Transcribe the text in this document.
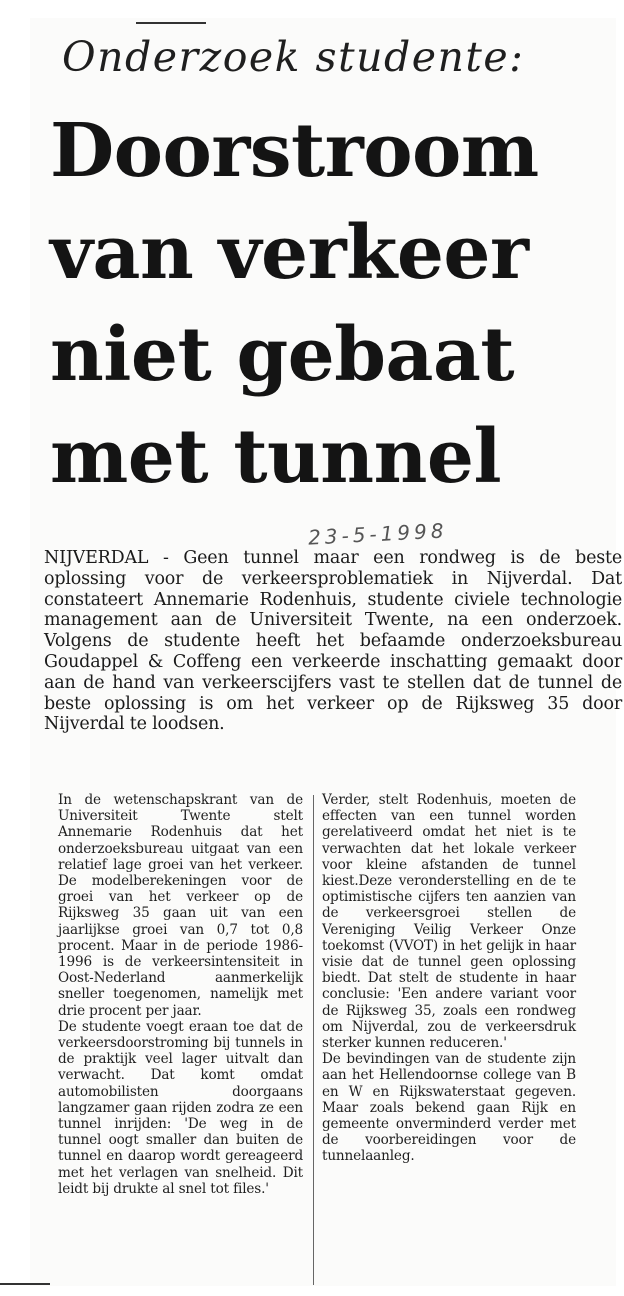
Onderzoek studente:
Doorstroom
van verkeer
niet gebaat
met tunnel
23-5-1998
NIJVERDAL - Geen tunnel maar een rondweg is de beste oplossing voor de verkeersproblematiek in Nijverdal. Dat constateert Annemarie Rodenhuis, studente civiele technologie management aan de Universiteit Twente, na een onderzoek. Volgens de studente heeft het befaamde onderzoeksbureau Goudappel & Coffeng een verkeerde inschatting gemaakt door aan de hand van verkeerscijfers vast te stellen dat de tunnel de beste oplossing is om het verkeer op de Rijksweg 35 door Nijverdal te loodsen.

In de wetenschapskrant van de Universiteit Twente stelt Annemarie Rodenhuis dat het onderzoeksbureau uitgaat van een relatief lage groei van het verkeer. De modelberekeningen voor de groei van het verkeer op de Rijksweg 35 gaan uit van een jaarlijkse groei van 0,7 tot 0,8 procent. Maar in de periode 1986-1996 is de verkeersintensiteit in Oost-Nederland aanmerkelijk sneller toegenomen, namelijk met drie procent per jaar.

De studente voegt eraan toe dat de verkeersdoorstroming bij tunnels in de praktijk veel lager uitvalt dan verwacht. Dat komt omdat automobilisten doorgaans langzamer gaan rijden zodra ze een tunnel inrijden: 'De weg in de tunnel oogt smaller dan buiten de tunnel en daarop wordt gereageerd met het verlagen van snelheid. Dit leidt bij drukte al snel tot files.'

Verder, stelt Rodenhuis, moeten de effecten van een tunnel worden gerelativeerd omdat het niet is te verwachten dat het lokale verkeer voor kleine afstanden de tunnel kiest.Deze veronderstelling en de te optimistische cijfers ten aanzien van de verkeersgroei stellen de Vereniging Veilig Verkeer Onze toekomst (VVOT) in het gelijk in haar visie dat de tunnel geen oplossing biedt. Dat stelt de studente in haar conclusie: 'Een andere variant voor de Rijksweg 35, zoals een rondweg om Nijverdal, zou de verkeersdruk sterker kunnen reduceren.'

De bevindingen van de studente zijn aan het Hellendoornse college van B en W en Rijkswaterstaat gegeven. Maar zoals bekend gaan Rijk en gemeente onverminderd verder met de voorbereidingen voor de tunnelaanleg.
